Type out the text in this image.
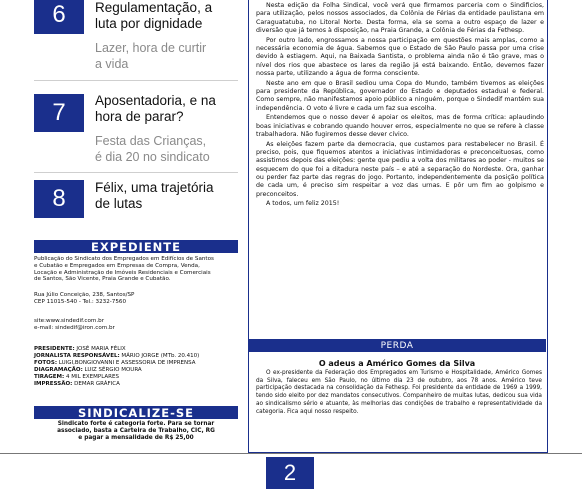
6	Regulamentação, a
luta por dignidade
Lazer, hora de curtir
a vida
7	Aposentadoria, e na
hora de parar?
Festa das Crianças,
é dia 20 no sindicato
8	Félix, uma trajetória
de lutas
EXPEDIENTE
Publicação do Sindicato dos Empregados em Edifícios de Santos
e Cubatão e Empregados em Empresas de Compra, Venda,
Locação e Administração de Imóveis Residenciais e Comerciais
de Santos, São Vicente, Praia Grande e Cubatão.
Rua Júlio Conceição, 238, Santos/SP
CEP 11015-540 - Tel.: 3232-7560
site:www.sindedif.com.br
e-mail: sindedif@iron.com.br
PRESIDENTE: JOSÉ MARIA FÉLIX
JORNALISTA RESPONSÁVEL: MÁRIO JORGE (MTb. 20.410)
FOTOS: LUIGI,BONGIOVANNI E ASSESSORIA DE IMPRENSA
DIAGRAMAÇÃO: LUIZ SÉRGIO MOURA
TIRAGEM: 4 MIL EXEMPLARES
IMPRESSÃO: DEMAR GRÁFICA
SINDICALIZE-SE
Sindicato forte é categoria forte. Para se tornar
associado, basta a Carteira de Trabalho, CIC, RG
e pagar a mensalidade de R$ 25,00

Nesta edição da Folha Sindical, você verá que firmamos parceria com o Sindificios, para utilização, pelos nossos associados, da Colônia de Férias da entidade paulistana em Caraguatatuba, no Litoral Norte. Desta forma, ela se soma a outro espaço de lazer e diversão que já temos à disposição, na Praia Grande, a Colônia de Férias da Fethesp.

Por outro lado, engrossamos a nossa participação em questões mais amplas, como a necessária economia de água. Sabemos que o Estado de São Paulo passa por uma crise devido à estiagem. Aqui, na Baixada Santista, o problema ainda não é tão grave, mas o nível dos rios que abastece os lares da região já está baixando. Então, devemos fazer nossa parte, utilizando a água de forma consciente.

Neste ano em que o Brasil sediou uma Copa do Mundo, também tivemos as eleições para presidente da República, governador do Estado e deputados estadual e federal. Como sempre, não manifestamos apoio público a ninguém, porque o Sindedif mantém sua independência. O voto é livre e cada um faz sua escolha.

Entendemos que o nosso dever é apoiar os eleitos, mas de forma crítica: aplaudindo boas iniciativas e cobrando quando houver erros, especialmente no que se refere à classe trabalhadora. Não fugiremos desse dever cívico.

As eleições fazem parte da democracia, que custamos para restabelecer no Brasil. É preciso, pois, que fiquemos atentos a iniciativas intimidadoras e preconceituosas, como assistimos depois das eleições: gente que pediu a volta dos militares ao poder - muitos se esquecem do que foi a ditadura neste país – e até a separação do Nordeste. Ora, ganhar ou perder faz parte das regras do jogo. Portanto, independentemente da posição política de cada um, é preciso sim respeitar a voz das urnas. E pôr um fim ao golpismo e preconceitos.

A todos, um feliz 2015!

PERDA
O adeus a Américo Gomes da Silva

O ex-presidente da Federação dos Empregados em Turismo e Hospitalidade, Américo Gomes da Silva, faleceu em São Paulo, no último dia 23 de outubro, aos 78 anos. Américo teve participação destacada na consolidação da Fethesp. Foi presidente da entidade de 1969 a 1999, tendo sido eleito por dez mandatos consecutivos. Companheiro de muitas lutas, dedicou sua vida ao sindicalismo sério e atuante, às melhorias das condições de trabalho e representatividade da categoria. Fica aqui nosso respeito.

2
